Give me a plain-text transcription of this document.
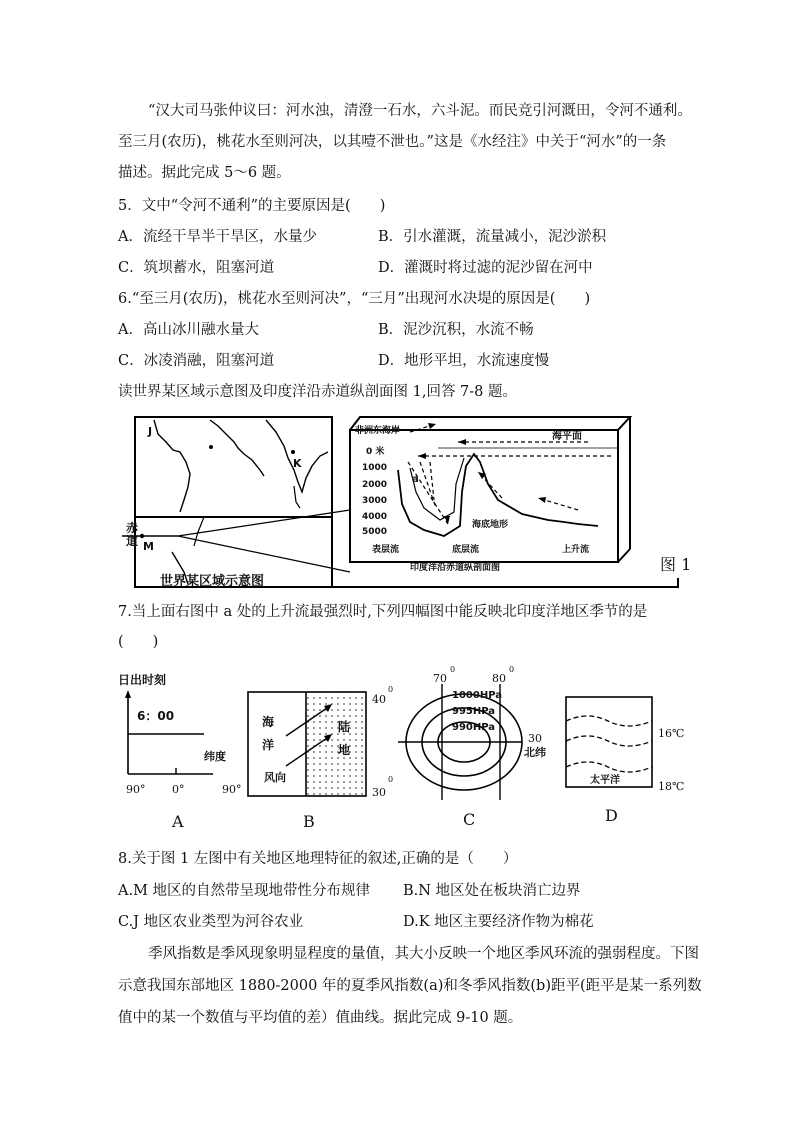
“汉大司马张仲议曰：河水浊，清澄一石水，六斗泥。而民竞引河溉田，令河不通利。
至三月(农历)，桃花水至则河决，以其噎不泄也。”这是《水经注》中关于“河水”的一条
描述。据此完成 5～6 题。
5．文中“令河不通利”的主要原因是(　　)
A．流经干旱半干旱区，水量少	B．引水灌溉，流量减小，泥沙淤积
C．筑坝蓄水，阻塞河道	D．灌溉时将过滤的泥沙留在河中
6.“至三月(农历)，桃花水至则河决”，“三月”出现河水决堤的原因是(　　)
A．高山冰川融水量大	B．泥沙沉积，水流不畅
C．冰凌消融，阻塞河道	D．地形平坦，水流速度慢
读世界某区域示意图及印度洋沿赤道纵剖面图 1,回答 7-8 题。
J
K
赤
道 M
世界某区域示意图
非洲东海岸	海平面
0 米
1000
2000
3000
4000
5000
a
海底地形
表层流	底层流	上升流
印度洋沿赤道纵剖面图	图 1
7.当上面右图中 a 处的上升流最强烈时,下列四幅图中能反映北印度洋地区季节的是
(　　)
日出时刻
6：00
纬度
90° 0°	90°
A
海
洋
陆
地
风向
40
0
30
0
B
70
0
80
0
1000HPa
995HPa
990HPa
30
北纬
C
太平洋
16℃
18℃
D
8.关于图 1 左图中有关地区地理特征的叙述,正确的是（　　）
A.M 地区的自然带呈现地带性分布规律 B.N 地区处在板块消亡边界
C.J 地区农业类型为河谷农业	D.K 地区主要经济作物为棉花
季风指数是季风现象明显程度的量值，其大小反映一个地区季风环流的强弱程度。下图
示意我国东部地区 1880-2000 年的夏季风指数(a)和冬季风指数(b)距平(距平是某一系列数
值中的某一个数值与平均值的差）值曲线。据此完成 9-10 题。
